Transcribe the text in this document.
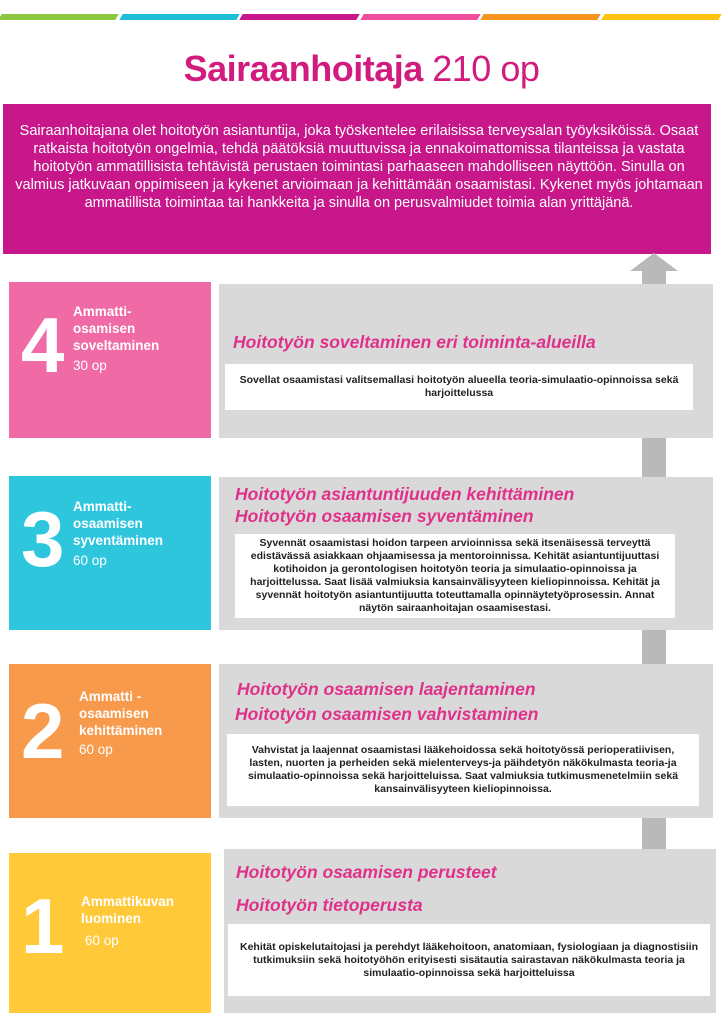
Sairaanhoitaja 210 op
Sairaanhoitajana olet hoitotyön asiantuntija, joka työskentelee erilaisissa terveysalan työyksiköissä. Osaat ratkaista hoitotyön ongelmia, tehdä päätöksiä muuttuvissa ja ennakoimattomissa tilanteissa ja vastata hoitotyön ammatillisista tehtävistä perustaen toimintasi parhaaseen mahdolliseen näyttöön. Sinulla on valmius jatkuvaan oppimiseen ja kykenet arvioimaan ja kehittämään osaamistasi. Kykenet myös johtamaan ammatillista toimintaa tai hankkeita ja sinulla on perusvalmiudet toimia alan yrittäjänä.
4 Ammatti-
osamisen
soveltaminen
30 op
Hoitotyön soveltaminen eri toiminta-alueilla
Sovellat osaamistasi valitsemallasi hoitotyön alueella teoria-simulaatio-opinnoissa sekä harjoittelussa
3 Ammatti-
osaamisen
syventäminen
60 op
Hoitotyön asiantuntijuuden kehittäminen
Hoitotyön osaamisen syventäminen
Syvennät osaamistasi hoidon tarpeen arvioinnissa sekä itsenäisessä terveyttä edistävässä asiakkaan ohjaamisessa ja mentoroinnissa. Kehität asiantuntijuuttasi kotihoidon ja gerontologisen hoitotyön teoria ja simulaatio-opinnoissa ja harjoittelussa. Saat lisää valmiuksia kansainvälisyyteen kieliopinnoissa. Kehität ja syvennät hoitotyön asiantuntijuutta toteuttamalla opinnäytetyöprosessin. Annat näytön sairaanhoitajan osaamisestasi.
2 Ammatti -
osaamisen
kehittäminen
60 op
Hoitotyön osaamisen laajentaminen
Hoitotyön osaamisen vahvistaminen
Vahvistat ja laajennat osaamistasi lääkehoidossa sekä hoitotyössä perioperatiivisen, lasten, nuorten ja perheiden sekä mielenterveys-ja päihdetyön näkökulmasta teoria-ja simulaatio-opinnoissa sekä harjoitteluissa. Saat valmiuksia tutkimusmenetelmiin sekä kansainvälisyyteen kieliopinnoissa.
1 Ammattikuvan
luominen
60 op
Hoitotyön osaamisen perusteet
Hoitotyön tietoperusta
Kehität opiskelutaitojasi ja perehdyt lääkehoitoon, anatomiaan, fysiologiaan ja diagnostisiin tutkimuksiin sekä hoitotyöhön erityisesti sisätautia sairastavan näkökulmasta teoria ja simulaatio-opinnoissa sekä harjoitteluissa
